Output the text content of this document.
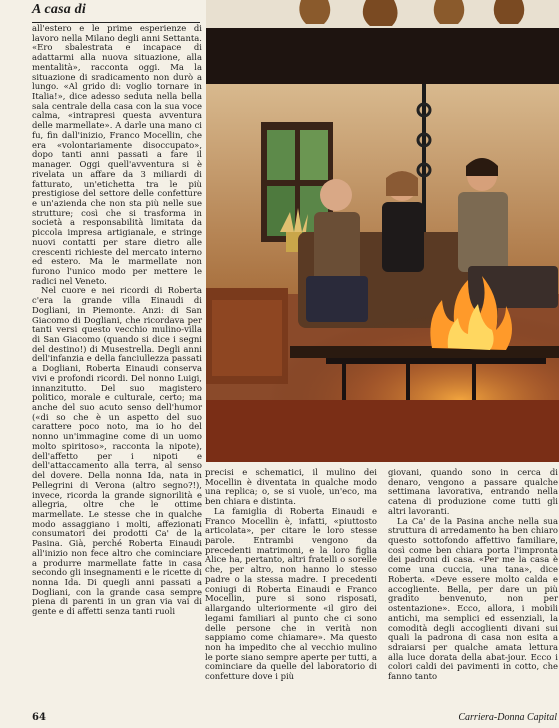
A casa di

all'estero e le prime esperienze di lavoro nella Milano degli anni Settanta. «Ero sbalestrata e incapace di adattarmi alla nuova situazione, alla mentalità», racconta oggi. Ma la situazione di sradicamento non durò a lungo. «Al grido di: voglio tornare in Italia!», dice adesso seduta nella bella sala centrale della casa con la sua voce calma, «intrapresi questa avventura delle marmellate». A darle una mano ci fu, fin dall'inizio, Franco Mocellin, che era «volontariamente disoccupato», dopo tanti anni passati a fare il manager. Oggi quell'avventura si è rivelata un affare da 3 miliardi di fatturato, un'etichetta tra le più prestigiose del settore delle confetture e un'azienda che non sta più nelle sue strutture; così che si trasforma in società a responsabilità limitata da piccola impresa artigianale, e stringe nuovi contatti per stare dietro alle crescenti richieste del mercato interno ed estero. Ma le marmellate non furono l'unico modo per mettere le radici nel Veneto.

Nel cuore e nei ricordi di Roberta c'era la grande villa Einaudi di Dogliani, in Piemonte. Anzi: di San Giacomo di Dogliani, che ricordava per tanti versi questo vecchio mulino-villa di San Giacomo (quando si dice i segni del destino!) di Musestrella. Degli anni dell'infanzia e della fanciullezza passati a Dogliani, Roberta Einaudi conserva vivi e profondi ricordi. Del nonno Luigi, innanzitutto. Del suo magistero politico, morale e culturale, certo; ma anche del suo acuto senso dell'humor («di so che è un aspetto del suo carattere poco noto, ma io ho del nonno un'immagine come di un uomo molto spiritoso», racconta la nipote), dell'affetto per i nipoti e dell'attaccamento alla terra, al senso del dovere. Della nonna Ida, nata in Pellegrini di Verona (altro segno?!), invece, ricorda la grande signorilità e allegria, oltre che le ottime marmellate. Le stesse che in qualche modo assaggiano i molti, affezionati consumatori dei prodotti Ca' de la Pasina. Già, perché Roberta Einaudi all'inizio non fece altro che cominciare a produrre marmellate fatte in casa secondo gli insegnamenti e le ricette di nonna Ida. Di quegli anni passati a Dogliani, con la grande casa sempre piena di parenti in un gran via vai di gente e di affetti senza tanti ruoli

precisi e schematici, il mulino dei Mocellin è diventata in qualche modo una replica; o, se si vuole, un'eco, ma ben chiara e distinta.

La famiglia di Roberta Einaudi e Franco Mocellin è, infatti, «piuttosto articolata», per citare le loro stesse parole. Entrambi vengono da precedenti matrimoni, e la loro figlia Alice ha, pertanto, altri fratelli o sorelle che, per altro, non hanno lo stesso padre o la stessa madre. I precedenti coniugi di Roberta Einaudi e Franco Mocellin, pure si sono risposati, allargando ulteriormente «il giro dei legami familiari al punto che ci sono delle persone che in verità non sappiamo come chiamare». Ma questo non ha impedito che al vecchio mulino le porte siano sempre aperte per tutti, a cominciare da quelle del laboratorio di confetture dove i più

giovani, quando sono in cerca di denaro, vengono a passare qualche settimana lavorativa, entrando nella catena di produzione come tutti gli altri lavoranti.

La Ca' de la Pasina anche nella sua struttura di arredamento ha ben chiaro questo sottofondo affettivo familiare, così come ben chiara porta l'impronta dei padroni di casa. «Per me la casa è come una cuccia, una tana», dice Roberta. «Deve essere molto calda e accogliente. Bella, per dare un più gradito benvenuto, non per ostentazione». Ecco, allora, i mobili antichi, ma semplici ed essenziali, la comodità degli accoglienti divani sui quali la padrona di casa non esita a sdraiarsi per qualche amata lettura alla luce dorata della abat-jour. Ecco i colori caldi dei pavimenti in cotto, che fanno tanto

64	Carriera-Donna Capital
